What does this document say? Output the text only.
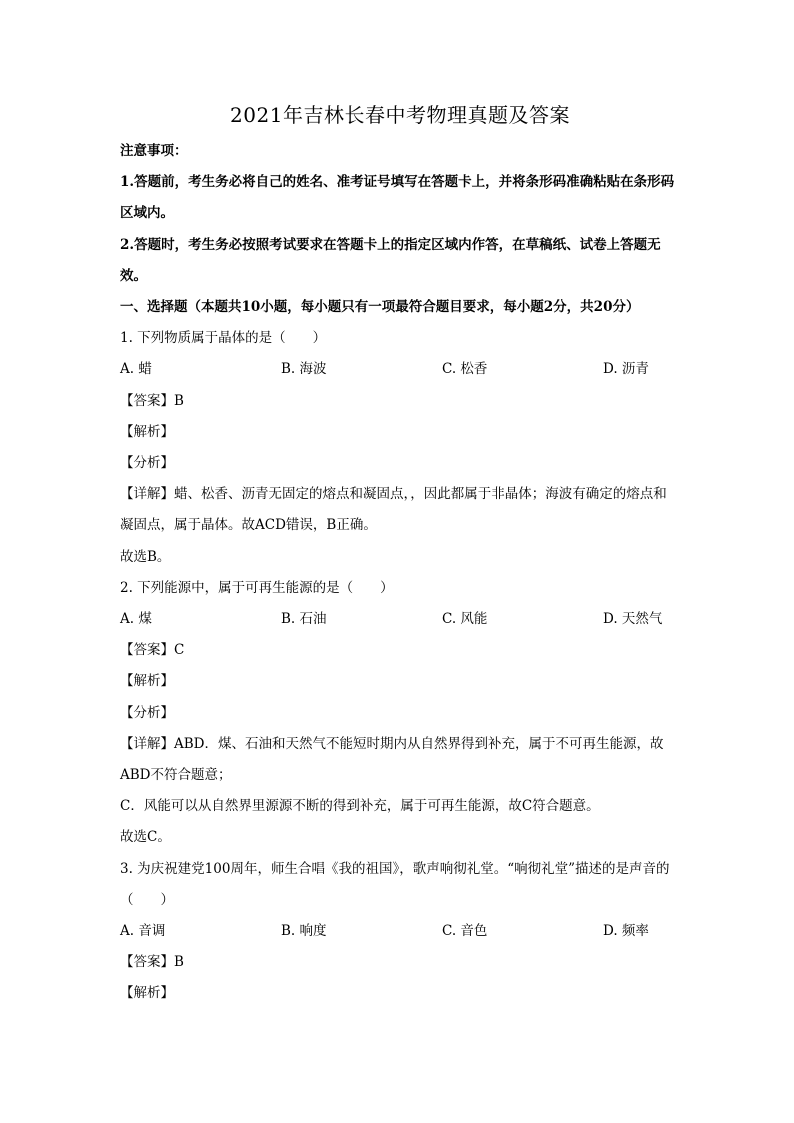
2021年吉林长春中考物理真题及答案
注意事项：
1.答题前，考生务必将自己的姓名、准考证号填写在答题卡上，并将条形码准确粘贴在条形码区域内。
2.答题时，考生务必按照考试要求在答题卡上的指定区域内作答，在草稿纸、试卷上答题无效。
一、选择题（本题共10小题，每小题只有一项最符合题目要求，每小题2分，共20分）
1. 下列物质属于晶体的是（　　）
A. 蜡	B. 海波	C. 松香	D. 沥青
【答案】B
【解析】
【分析】
【详解】蜡、松香、沥青无固定的熔点和凝固点，，因此都属于非晶体；海波有确定的熔点和凝固点，属于晶体。故ACD错误，B正确。
故选B。
2. 下列能源中，属于可再生能源的是（　　）
A. 煤	B. 石油	C. 风能	D. 天然气
【答案】C
【解析】
【分析】
【详解】ABD．煤、石油和天然气不能短时期内从自然界得到补充，属于不可再生能源，故ABD不符合题意；
C．风能可以从自然界里源源不断的得到补充，属于可再生能源，故C符合题意。
故选C。
3. 为庆祝建党100周年，师生合唱《我的祖国》，歌声响彻礼堂。“响彻礼堂”描述的是声音的（　　）
A. 音调	B. 响度	C. 音色	D. 频率
【答案】B
【解析】
